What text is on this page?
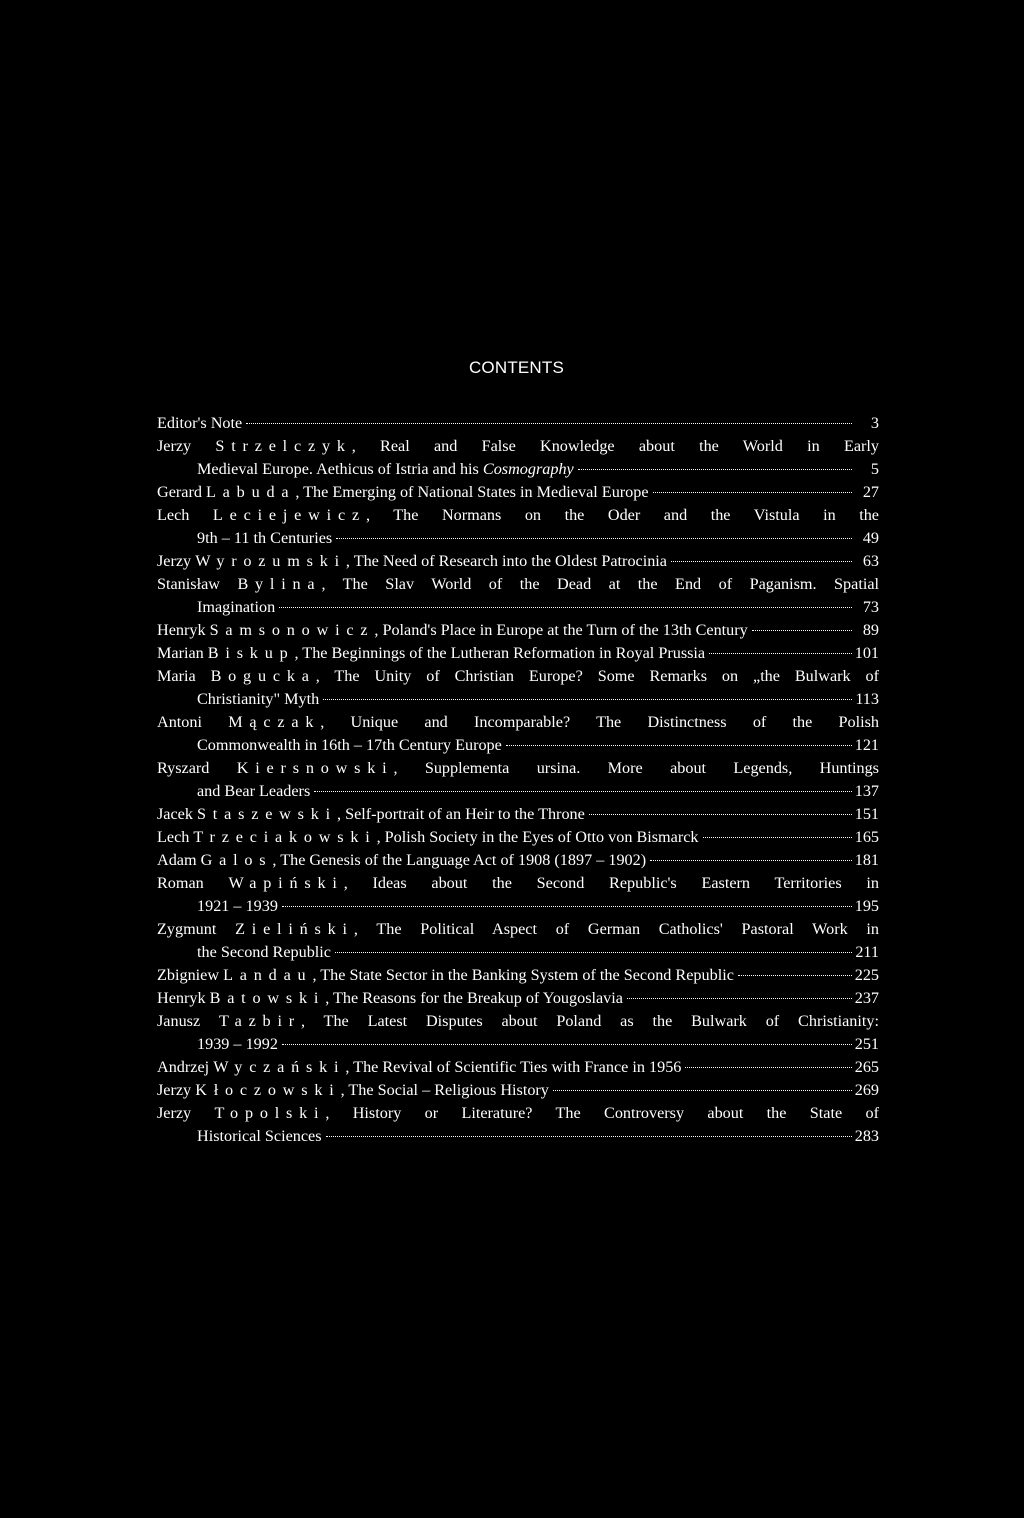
CONTENTS
Editor's Note	3
Jerzy Strzelczyk, Real and False Knowledge about the World in Early
Medieval Europe. Aethicus of Istria and his Cosmography	5
Gerard Labuda, The Emerging of National States in Medieval Europe	27
Lech Leciejewicz, The Normans on the Oder and the Vistula in the
9th – 11 th Centuries	49
Jerzy Wyrozumski, The Need of Research into the Oldest Patrocinia	63
Stanisław Bylina, The Slav World of the Dead at the End of Paganism. Spatial
Imagination	73
Henryk Samsonowicz, Poland's Place in Europe at the Turn of the 13th Century	89
Marian Biskup, The Beginnings of the Lutheran Reformation in Royal Prussia	101
Maria Bogucka, The Unity of Christian Europe? Some Remarks on „the Bulwark of
Christianity" Myth	113
Antoni Mączak, Unique and Incomparable? The Distinctness of the Polish
Commonwealth in 16th – 17th Century Europe	121
Ryszard Kiersnowski, Supplementa ursina. More about Legends, Huntings
and Bear Leaders	137
Jacek Staszewski, Self-portrait of an Heir to the Throne	151
Lech Trzeciakowski, Polish Society in the Eyes of Otto von Bismarck	165
Adam Galos, The Genesis of the Language Act of 1908 (1897 – 1902)	181
Roman Wapiński, Ideas about the Second Republic's Eastern Territories in
1921 – 1939	195
Zygmunt Zieliński, The Political Aspect of German Catholics' Pastoral Work in
the Second Republic	211
Zbigniew Landau, The State Sector in the Banking System of the Second Republic	225
Henryk Batowski, The Reasons for the Breakup of Yougoslavia	237
Janusz Tazbir, The Latest Disputes about Poland as the Bulwark of Christianity:
1939 – 1992	251
Andrzej Wyczański, The Revival of Scientific Ties with France in 1956	265
Jerzy Kłoczowski, The Social – Religious History	269
Jerzy Topolski, History or Literature? The Controversy about the State of
Historical Sciences	283
